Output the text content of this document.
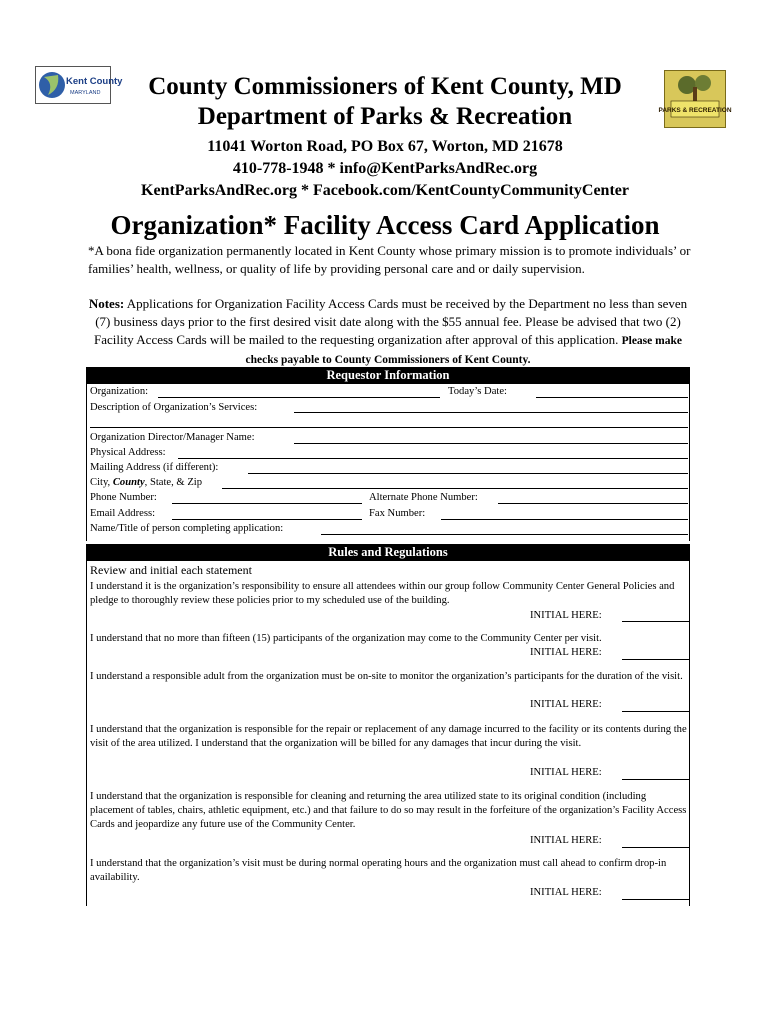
Kent County
MARYLAND
PARKS & RECREATION
County Commissioners of Kent County, MD
Department of Parks & Recreation
11041 Worton Road, PO Box 67, Worton, MD 21678
410-778-1948 * info@KentParksAndRec.org
KentParksAndRec.org * Facebook.com/KentCountyCommunityCenter
Organization* Facility Access Card Application
*A bona fide organization permanently located in Kent County whose primary mission is to promote individuals’ or families’ health, wellness, or quality of life by providing personal care and or daily supervision.
Notes: Applications for Organization Facility Access Cards must be received by the Department no less than seven (7) business days prior to the first desired visit date along with the $55 annual fee. Please be advised that two (2) Facility Access Cards will be mailed to the requesting organization after approval of this application. Please make checks payable to County Commissioners of Kent County.
Requestor Information
Organization:	Today’s Date:
Description of Organization’s Services:
Organization Director/Manager Name:
Physical Address:
Mailing Address (if different):
City, County, State, & Zip
Phone Number:	Alternate Phone Number:
Email Address:	Fax Number:
Name/Title of person completing application:
Rules and Regulations
Review and initial each statement
I understand it is the organization’s responsibility to ensure all attendees within our group follow Community Center General Policies and pledge to thoroughly review these policies prior to my scheduled use of the building.
INITIAL HERE:
I understand that no more than fifteen (15) participants of the organization may come to the Community Center per visit.
INITIAL HERE:
I understand a responsible adult from the organization must be on-site to monitor the organization’s participants for the duration of the visit.
INITIAL HERE:
I understand that the organization is responsible for the repair or replacement of any damage incurred to the facility or its contents during the visit of the area utilized. I understand that the organization will be billed for any damages that incur during the visit.
INITIAL HERE:
I understand that the organization is responsible for cleaning and returning the area utilized state to its original condition (including placement of tables, chairs, athletic equipment, etc.) and that failure to do so may result in the forfeiture of the organization’s Facility Access Cards and jeopardize any future use of the Community Center.
INITIAL HERE:
I understand that the organization’s visit must be during normal operating hours and the organization must call ahead to confirm drop-in availability.
INITIAL HERE:
